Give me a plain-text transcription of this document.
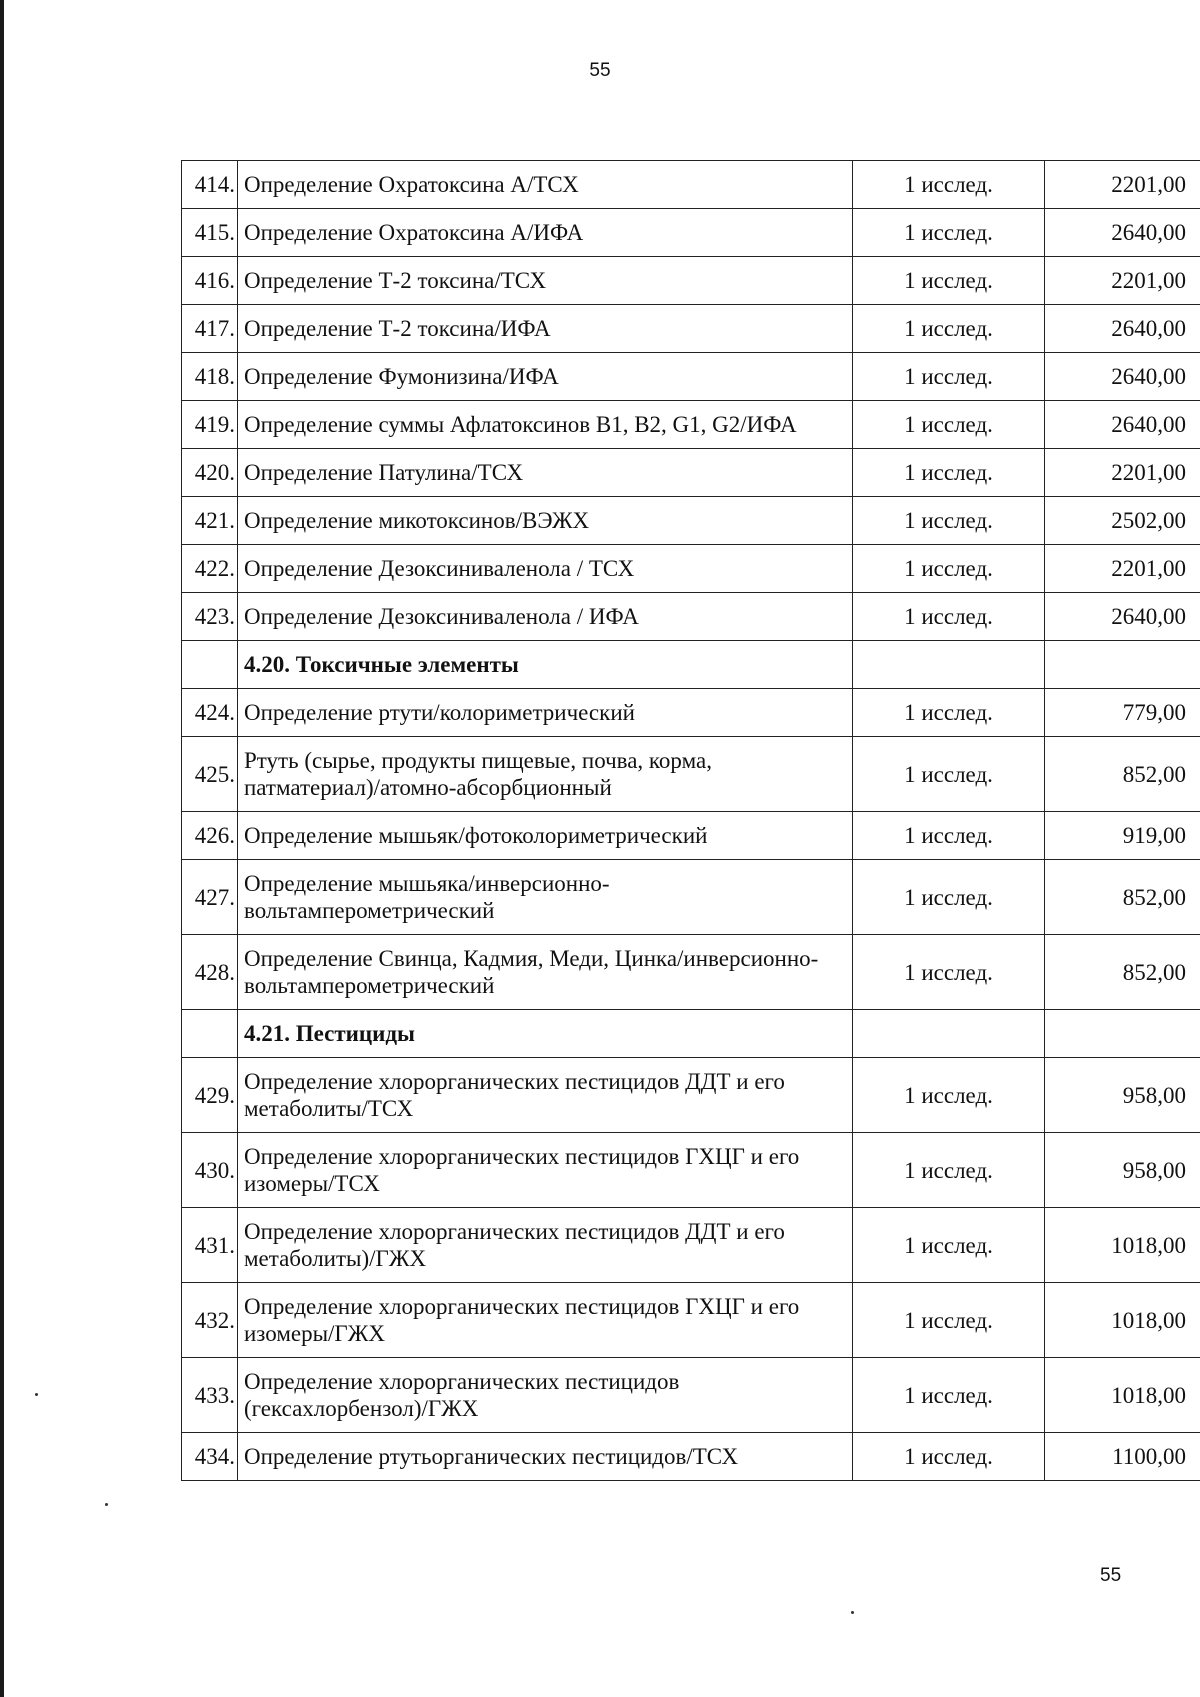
55
414.	Определение Охратоксина А/ТСХ	1 исслед.	2201,00
415.	Определение Охратоксина А/ИФА	1 исслед.	2640,00
416.	Определение Т-2 токсина/ТСХ	1 исслед.	2201,00
417.	Определение Т-2 токсина/ИФА	1 исслед.	2640,00
418.	Определение Фумонизина/ИФА	1 исслед.	2640,00
419.	Определение суммы Афлатоксинов В1, В2, G1, G2/ИФА	1 исслед.	2640,00
420.	Определение Патулина/ТСХ	1 исслед.	2201,00
421.	Определение микотоксинов/ВЭЖХ	1 исслед.	2502,00
422.	Определение Дезоксиниваленола / ТСХ	1 исслед.	2201,00
423.	Определение Дезоксиниваленола / ИФА	1 исслед.	2640,00
	4.20. Токсичные элементы		
424.	Определение ртути/колориметрический	1 исслед.	779,00
425.	Ртуть (сырье, продукты пищевые, почва, корма, патматериал)/атомно-абсорбционный	1 исслед.	852,00
426.	Определение мышьяк/фотоколориметрический	1 исслед.	919,00
427.	Определение мышьяка/инверсионно-вольтамперометрический	1 исслед.	852,00
428.	Определение Свинца, Кадмия, Меди, Цинка/инверсионно-вольтамперометрический	1 исслед.	852,00
	4.21. Пестициды		
429.	Определение хлорорганических пестицидов ДДТ и его метаболиты/ТСХ	1 исслед.	958,00
430.	Определение хлорорганических пестицидов ГХЦГ и его изомеры/ТСХ	1 исслед.	958,00
431.	Определение хлорорганических пестицидов ДДТ и его метаболиты)/ГЖХ	1 исслед.	1018,00
432.	Определение хлорорганических пестицидов ГХЦГ и его изомеры/ГЖХ	1 исслед.	1018,00
433.	Определение хлорорганических пестицидов (гексахлорбензол)/ГЖХ	1 исслед.	1018,00
434.	Определение ртутьорганических пестицидов/ТСХ	1 исслед.	1100,00
55
